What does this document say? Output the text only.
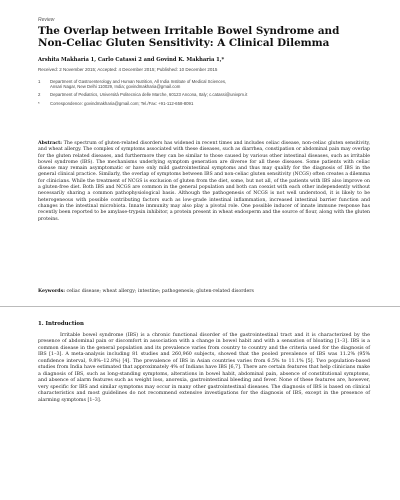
Review
The Overlap between Irritable Bowel Syndrome and Non-Celiac Gluten Sensitivity: A Clinical Dilemma
Arshita Makharia 1, Carlo Catassi 2 and Govind K. Makharia 1,*
Received: 2 November 2015; Accepted: 4 December 2015; Published: 10 December 2015
1 Department of Gastroenterology and Human Nutrition, All India Institute of Medical Sciences,
Ansari Nagar, New Delhi 110029, India; govindmakharia@gmail.com
2 Department of Pediatrics, Università Politecnica delle Marche, 60123 Ancona, Italy; c.catassi@univpm.it
* Correspondence: govindmakharia@gmail.com; Tel./Fax: +91-112-658-8091

Abstract: The spectrum of gluten-related disorders has widened in recent times and includes celiac disease, non-celiac gluten sensitivity, and wheat allergy. The complex of symptoms associated with these diseases, such as diarrhea, constipation or abdominal pain may overlap for the gluten related diseases, and furthermore they can be similar to those caused by various other intestinal diseases, such as irritable bowel syndrome (IBS). The mechanisms underlying symptom generation are diverse for all these diseases. Some patients with celiac disease may remain asymptomatic or have only mild gastrointestinal symptoms and thus may qualify for the diagnosis of IBS in the general clinical practice. Similarly, the overlap of symptoms between IBS and non-celiac gluten sensitivity (NCGS) often creates a dilemma for clinicians. While the treatment of NCGS is exclusion of gluten from the diet, some, but not all, of the patients with IBS also improve on a gluten-free diet. Both IBS and NCGS are common in the general population and both can coexist with each other independently without necessarily sharing a common pathophysiological basis. Although the pathogenesis of NCGS is not well understood, it is likely to be heterogeneous with possible contributing factors such as low-grade intestinal inflammation, increased intestinal barrier function and changes in the intestinal microbiota. Innate immunity may also play a pivotal role. One possible inducer of innate immune response has recently been reported to be amylase-trypsin inhibitor, a protein present in wheat endosperm and the source of flour, along with the gluten proteins.

Keywords: celiac disease; wheat allergy; intestine; pathogenesis; gluten-related disorders

1. Introduction

Irritable bowel syndrome (IBS) is a chronic functional disorder of the gastrointestinal tract and it is characterized by the presence of abdominal pain or discomfort in association with a change in bowel habit and with a sensation of bloating [1–3]. IBS is a common disease in the general population and its prevalence varies from country to country and the criteria used for the diagnosis of IBS [1–3]. A meta-analysis including 81 studies and 260,960 subjects, showed that the pooled prevalence of IBS was 11.2% (95% confidence interval, 9.8%–12.8%) [4]. The prevalence of IBS in Asian countries varies from 6.5% to 11.1% [5]. Two population-based studies from India have estimated that approximately 4% of Indians have IBS [6,7]. There are certain features that help clinicians make a diagnosis of IBS, such as long-standing symptoms, alterations in bowel habit, abdominal pain, absence of constitutional symptoms, and absence of alarm features such as weight loss, anorexia, gastrointestinal bleeding and fever. None of these features are, however, very specific for IBS and similar symptoms may occur in many other gastrointestinal diseases. The diagnosis of IBS is based on clinical characteristics and most guidelines do not recommend extensive investigations for the diagnosis of IBS, except in the presence of alarming symptoms [1–3].
